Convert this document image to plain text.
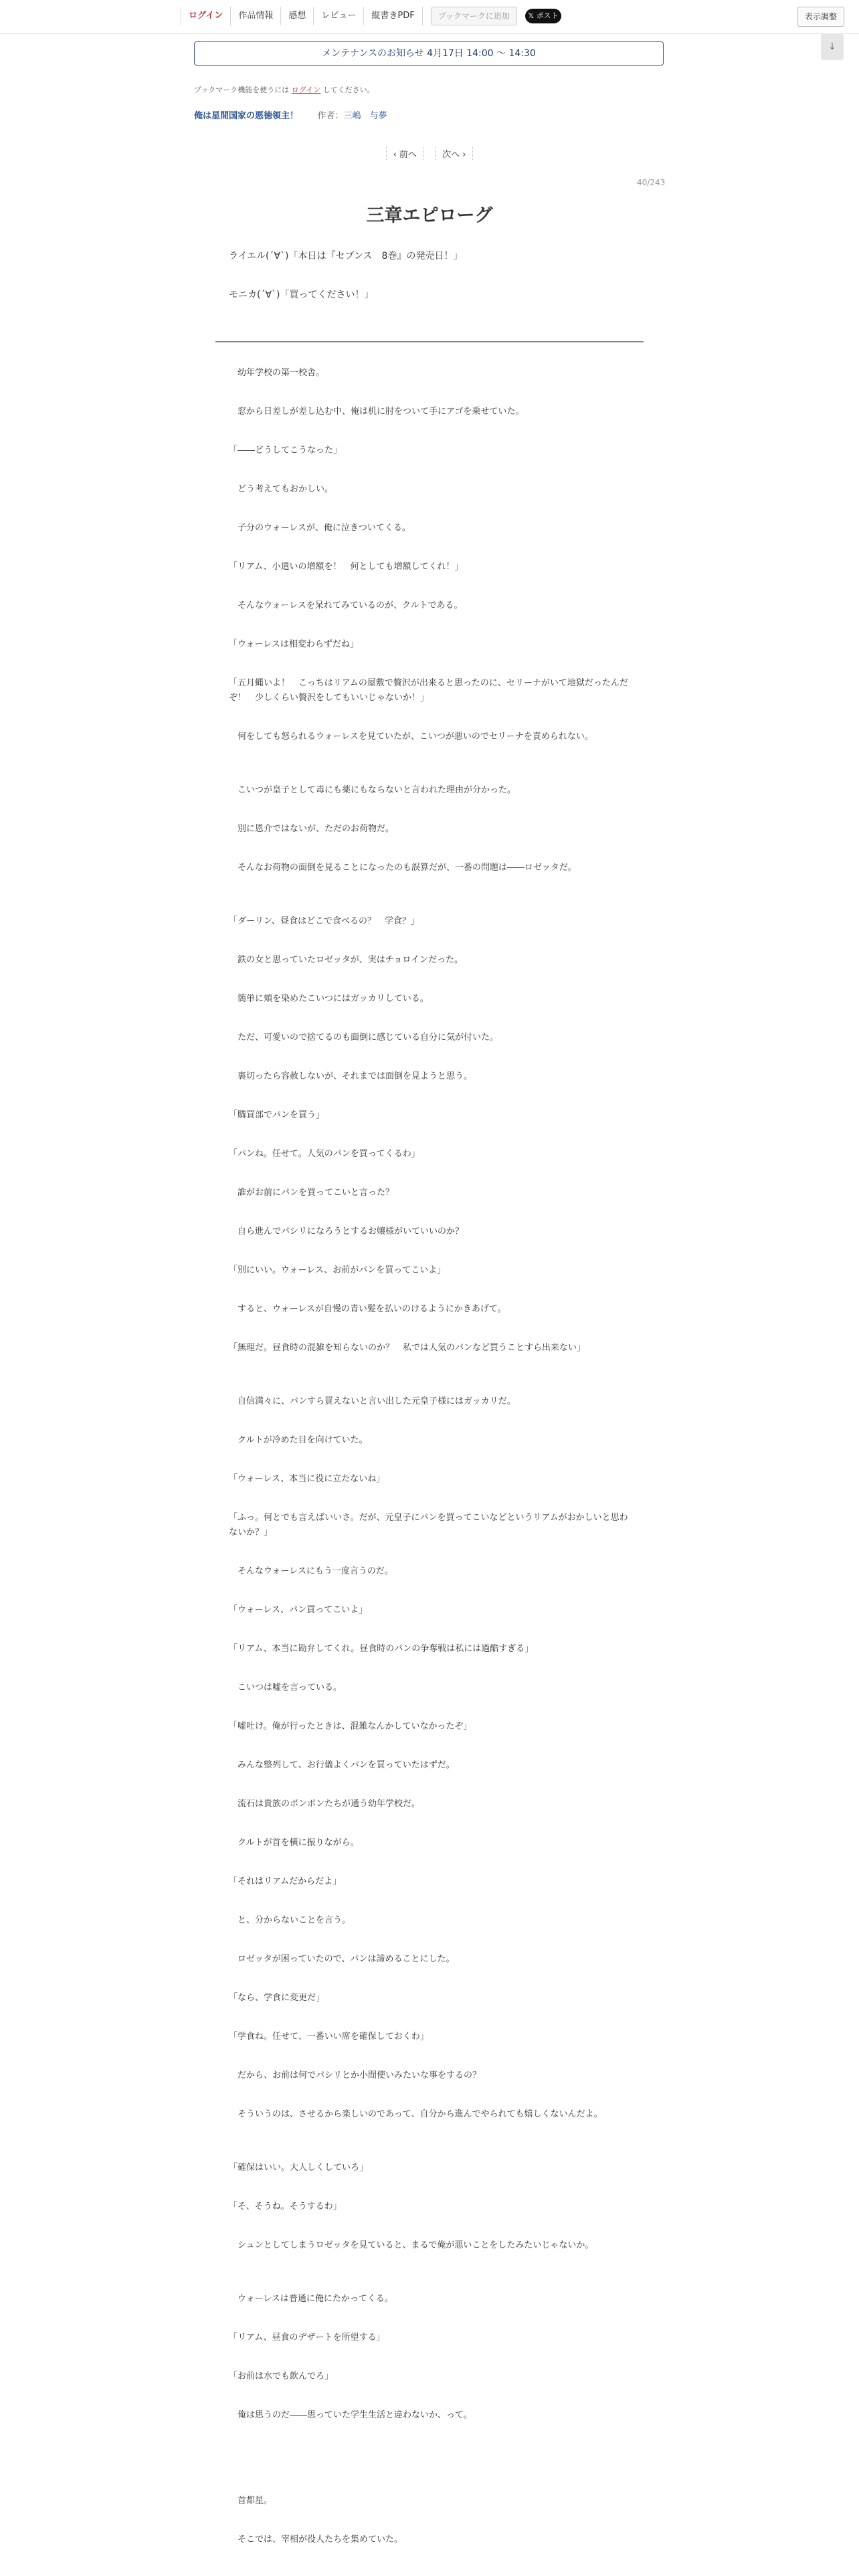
ログイン	作品情報	感想	レビュー	縦書きPDF	ブックマークに追加	𝕏 ポスト	表示調整
↓
メンテナンスのお知らせ 4月17日 14:00 〜 14:30
ブックマーク機能を使うには ログイン してください。
俺は星間国家の悪徳領主！ 作者：三嶋　与夢
‹ 前へ	次へ ›
40/243
三章エピローグ

ライエル(´∀`)「本日は『セブンス　8巻』の発売日！」

モニカ(´∀`)「買ってください！」

　幼年学校の第一校舎。

　窓から日差しが差し込む中、俺は机に肘をついて手にアゴを乗せていた。

「――どうしてこうなった」

　どう考えてもおかしい。

　子分のウォーレスが、俺に泣きついてくる。

「リアム、小遣いの増額を！　何としても増額してくれ！」

　そんなウォーレスを呆れてみているのが、クルトである。

「ウォーレスは相変わらずだね」

「五月蝿いよ！　こっちはリアムの屋敷で贅沢が出来ると思ったのに、セリーナがいて地獄だったんだぞ！　少しくらい贅沢をしてもいいじゃないか！」

　何をしても怒られるウォーレスを見ていたが、こいつが悪いのでセリーナを責められない。

　こいつが皇子として毒にも薬にもならないと言われた理由が分かった。

　別に恩介ではないが、ただのお荷物だ。

　そんなお荷物の面倒を見ることになったのも誤算だが、一番の問題は――ロゼッタだ。

「ダーリン、昼食はどこで食べるの？　学食？」

　鉄の女と思っていたロゼッタが、実はチョロインだった。

　簡単に頬を染めたこいつにはガッカリしている。

　ただ、可愛いので捨てるのも面倒に感じている自分に気が付いた。

　裏切ったら容赦しないが、それまでは面倒を見ようと思う。

「購買部でパンを買う」

「パンね。任せて。人気のパンを買ってくるわ」

　誰がお前にパンを買ってこいと言った？

　自ら進んでパシリになろうとするお嬢様がいていいのか？

「別にいい。ウォーレス、お前がパンを買ってこいよ」

　すると、ウォーレスが自慢の青い髪を払いのけるようにかきあげて。

「無理だ。昼食時の混雑を知らないのか？　私では人気のパンなど買うことすら出来ない」

　自信満々に、パンすら買えないと言い出した元皇子様にはガッカリだ。

　クルトが冷めた目を向けていた。

「ウォーレス、本当に役に立たないね」

「ふっ。何とでも言えばいいさ。だが、元皇子にパンを買ってこいなどというリアムがおかしいと思わないか？」

　そんなウォーレスにもう一度言うのだ。

「ウォーレス、パン買ってこいよ」

「リアム、本当に勘弁してくれ。昼食時のパンの争奪戦は私には過酷すぎる」

　こいつは嘘を言っている。

「嘘吐け。俺が行ったときは、混雑なんかしていなかったぞ」

　みんな整列して、お行儀よくパンを買っていたはずだ。

　流石は貴族のボンボンたちが通う幼年学校だ。

　クルトが首を横に振りながら。

「それはリアムだからだよ」

　と、分からないことを言う。

　ロゼッタが困っていたので、パンは諦めることにした。

「なら、学食に変更だ」

「学食ね。任せて、一番いい席を確保しておくわ」

　だから、お前は何でパシリとか小間使いみたいな事をするの？

　そういうのは、させるから楽しいのであって、自分から進んでやられても嬉しくないんだよ。

「確保はいい。大人しくしていろ」

「そ、そうね。そうするわ」

　シュンとしてしまうロゼッタを見ていると、まるで俺が悪いことをしたみたいじゃないか。

　ウォーレスは普通に俺にたかってくる。

「リアム、昼食のデザートを所望する」

「お前は水でも飲んでろ」

　俺は思うのだ――思っていた学生生活と違わないか、って。

　首都星。

　そこでは、宰相が役人たちを集めていた。
